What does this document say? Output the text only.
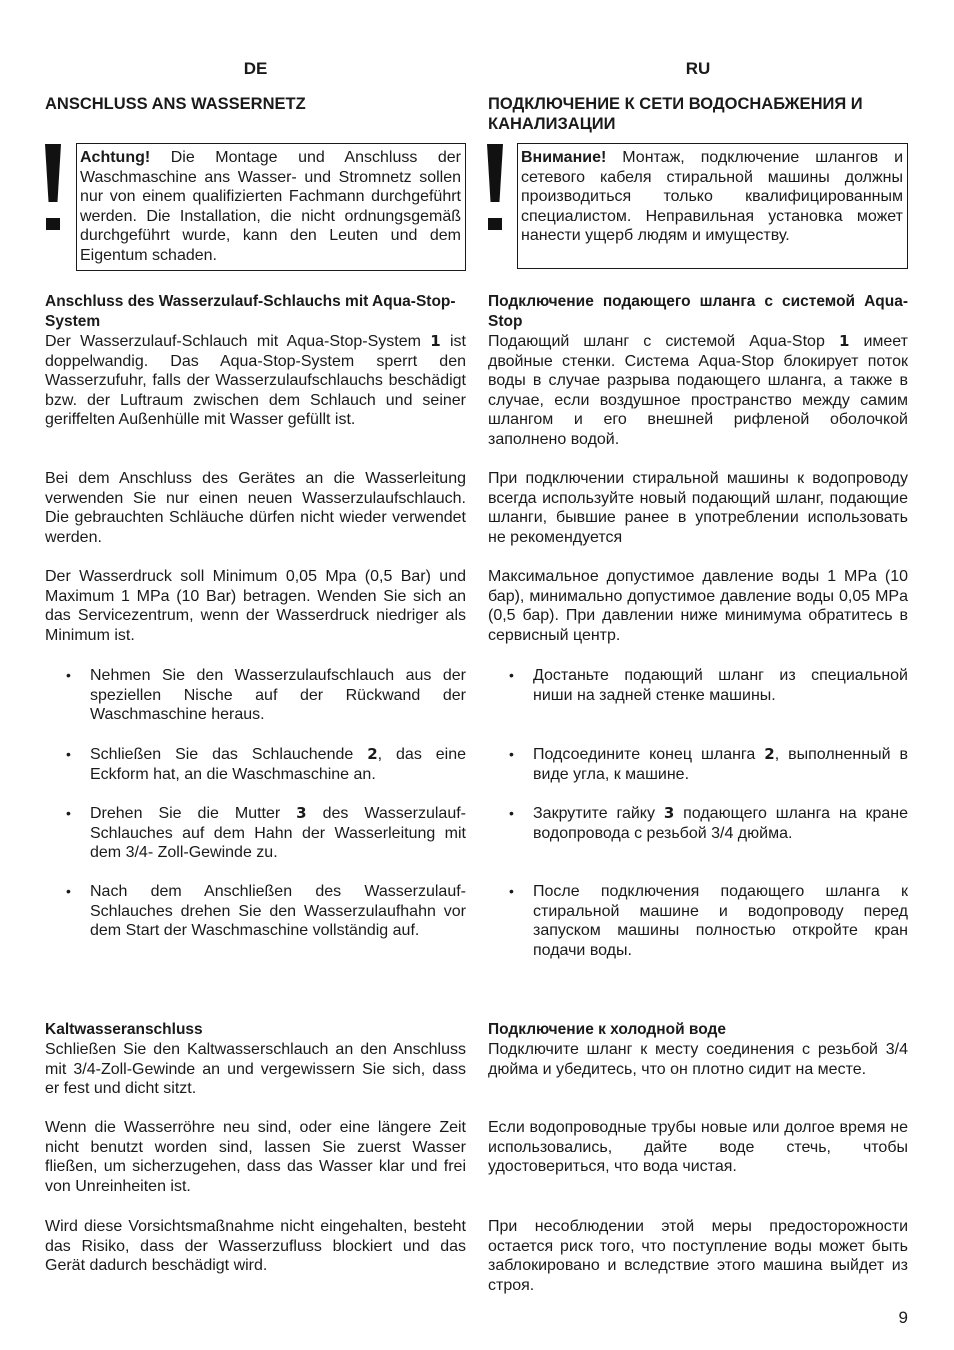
DE
ANSCHLUSS ANS WASSERNETZ
Achtung! Die Montage und Anschluss der Waschmaschine ans Wasser- und Stromnetz sollen nur von einem qualifizierten Fachmann durchgeführt werden. Die Installation, die nicht ordnungsgemäß durchgeführt wurde, kann den Leuten und dem Eigentum schaden.
Anschluss des Wasserzulauf-Schlauchs mit Aqua-Stop-System
Der Wasserzulauf-Schlauch mit Aqua-Stop-System 1 ist doppelwandig. Das Aqua-Stop-System sperrt den Wasserzufuhr, falls der Wasserzulaufschlauchs beschädigt bzw. der Luftraum zwischen dem Schlauch und seiner geriffelten Außenhülle mit Wasser gefüllt ist.
Bei dem Anschluss des Gerätes an die Wasserleitung verwenden Sie nur einen neuen Wasserzulaufschlauch. Die gebrauchten Schläuche dürfen nicht wieder verwendet werden.
Der Wasserdruck soll Minimum 0,05 Mpa (0,5 Bar) und Maximum 1 MPa (10 Bar) betragen. Wenden Sie sich an das Servicezentrum, wenn der Wasserdruck niedriger als Minimum ist.
• Nehmen Sie den Wasserzulaufschlauch aus der speziellen Nische auf der Rückwand der Waschmaschine heraus.
• Schließen Sie das Schlauchende 2, das eine Eckform hat, an die Waschmaschine an.
• Drehen Sie die Mutter 3 des Wasserzulauf-Schlauches auf dem Hahn der Wasserleitung mit dem 3/4- Zoll-Gewinde zu.
• Nach dem Anschließen des Wasserzulauf-Schlauches drehen Sie den Wasserzulaufhahn vor dem Start der Waschmaschine vollständig auf.
Kaltwasseranschluss
Schließen Sie den Kaltwasserschlauch an den Anschluss mit 3/4-Zoll-Gewinde an und vergewissern Sie sich, dass er fest und dicht sitzt.
Wenn die Wasserröhre neu sind, oder eine längere Zeit nicht benutzt worden sind, lassen Sie zuerst Wasser fließen, um sicherzugehen, dass das Wasser klar und frei von Unreinheiten ist.
Wird diese Vorsichtsmaßnahme nicht eingehalten, besteht das Risiko, dass der Wasserzufluss blockiert und das Gerät dadurch beschädigt wird.
RU
ПОДКЛЮЧЕНИЕ К СЕТИ ВОДОСНАБЖЕНИЯ И КАНАЛИЗАЦИИ
Внимание! Монтаж, подключение шлангов и сетевого кабеля стиральной машины должны производиться только квалифицированным специалистом. Неправильная установка может нанести ущерб людям и имуществу.
Подключение подающего шланга с системой Aqua-Stop
Подающий шланг с системой Aqua-Stop 1 имеет двойные стенки. Система Aqua-Stop блокирует поток воды в случае разрыва подающего шланга, а также в случае, если воздушное пространство между самим шлангом и его внешней рифленой оболочкой заполнено водой.
При подключении стиральной машины к водопроводу всегда используйте новый подающий шланг, подающие шланги, бывшие ранее в употреблении использовать не рекомендуется
Максимальное допустимое давление воды 1 MPa (10 бар), минимально допустимое давление воды 0,05 MPa (0,5 бар). При давлении ниже минимума обратитесь в сервисный центр.
• Достаньте подающий шланг из специальной ниши на задней стенке машины.
• Подсоедините конец шланга 2, выполненный в виде угла, к машине.
• Закрутите гайку 3 подающего шланга на кране водопровода с резьбой 3/4 дюйма.
• После подключения подающего шланга к стиральной машине и водопроводу перед запуском машины полностью откройте кран подачи воды.
Подключение к холодной воде
Подключите шланг к месту соединения с резьбой 3/4 дюйма и убедитесь, что он плотно сидит на месте.
Если водопроводные трубы новые или долгое время не использовались, дайте воде стечь, чтобы удостовериться, что вода чистая.
При несоблюдении этой меры предосторожности остается риск того, что поступление воды может быть заблокировано и вследствие этого машина выйдет из строя.
9
